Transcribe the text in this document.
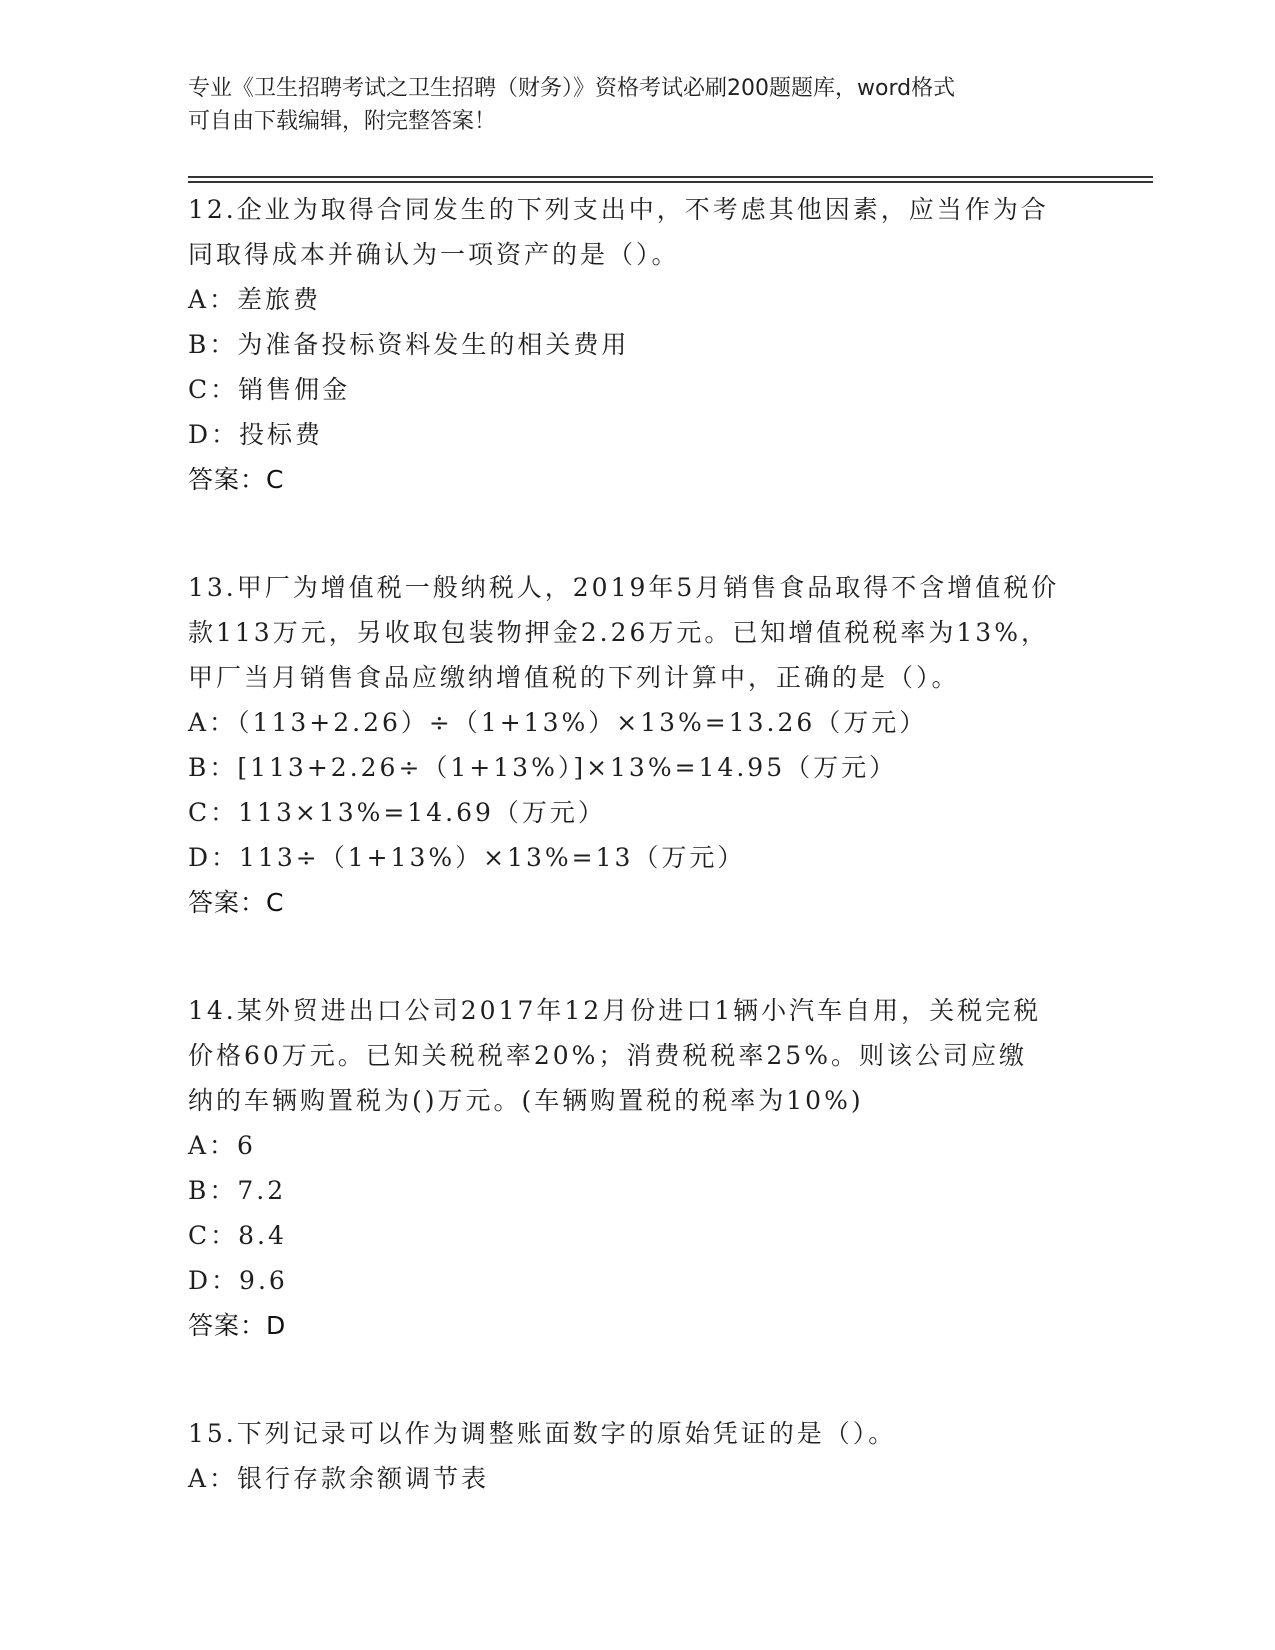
专业《卫生招聘考试之卫生招聘（财务）》资格考试必刷200题题库，word格式
可自由下载编辑，附完整答案！
12.企业为取得合同发生的下列支出中，不考虑其他因素，应当作为合
同取得成本并确认为一项资产的是（）。
A：差旅费
B：为准备投标资料发生的相关费用
C：销售佣金
D：投标费
答案：C
13.甲厂为增值税一般纳税人，2019年5月销售食品取得不含增值税价
款113万元，另收取包装物押金2.26万元。已知增值税税率为13%，
甲厂当月销售食品应缴纳增值税的下列计算中，正确的是（）。
A：（113+2.26）÷（1+13%）×13%=13.26（万元）
B：[113+2.26÷（1+13%）]×13%=14.95（万元）
C：113×13%=14.69（万元）
D：113÷（1+13%）×13%=13（万元）
答案：C
14.某外贸进出口公司2017年12月份进口1辆小汽车自用，关税完税
价格60万元。已知关税税率20%；消费税税率25%。则该公司应缴
纳的车辆购置税为()万元。(车辆购置税的税率为10%)
A：6
B：7.2
C：8.4
D：9.6
答案：D
15.下列记录可以作为调整账面数字的原始凭证的是（）。
A：银行存款余额调节表
